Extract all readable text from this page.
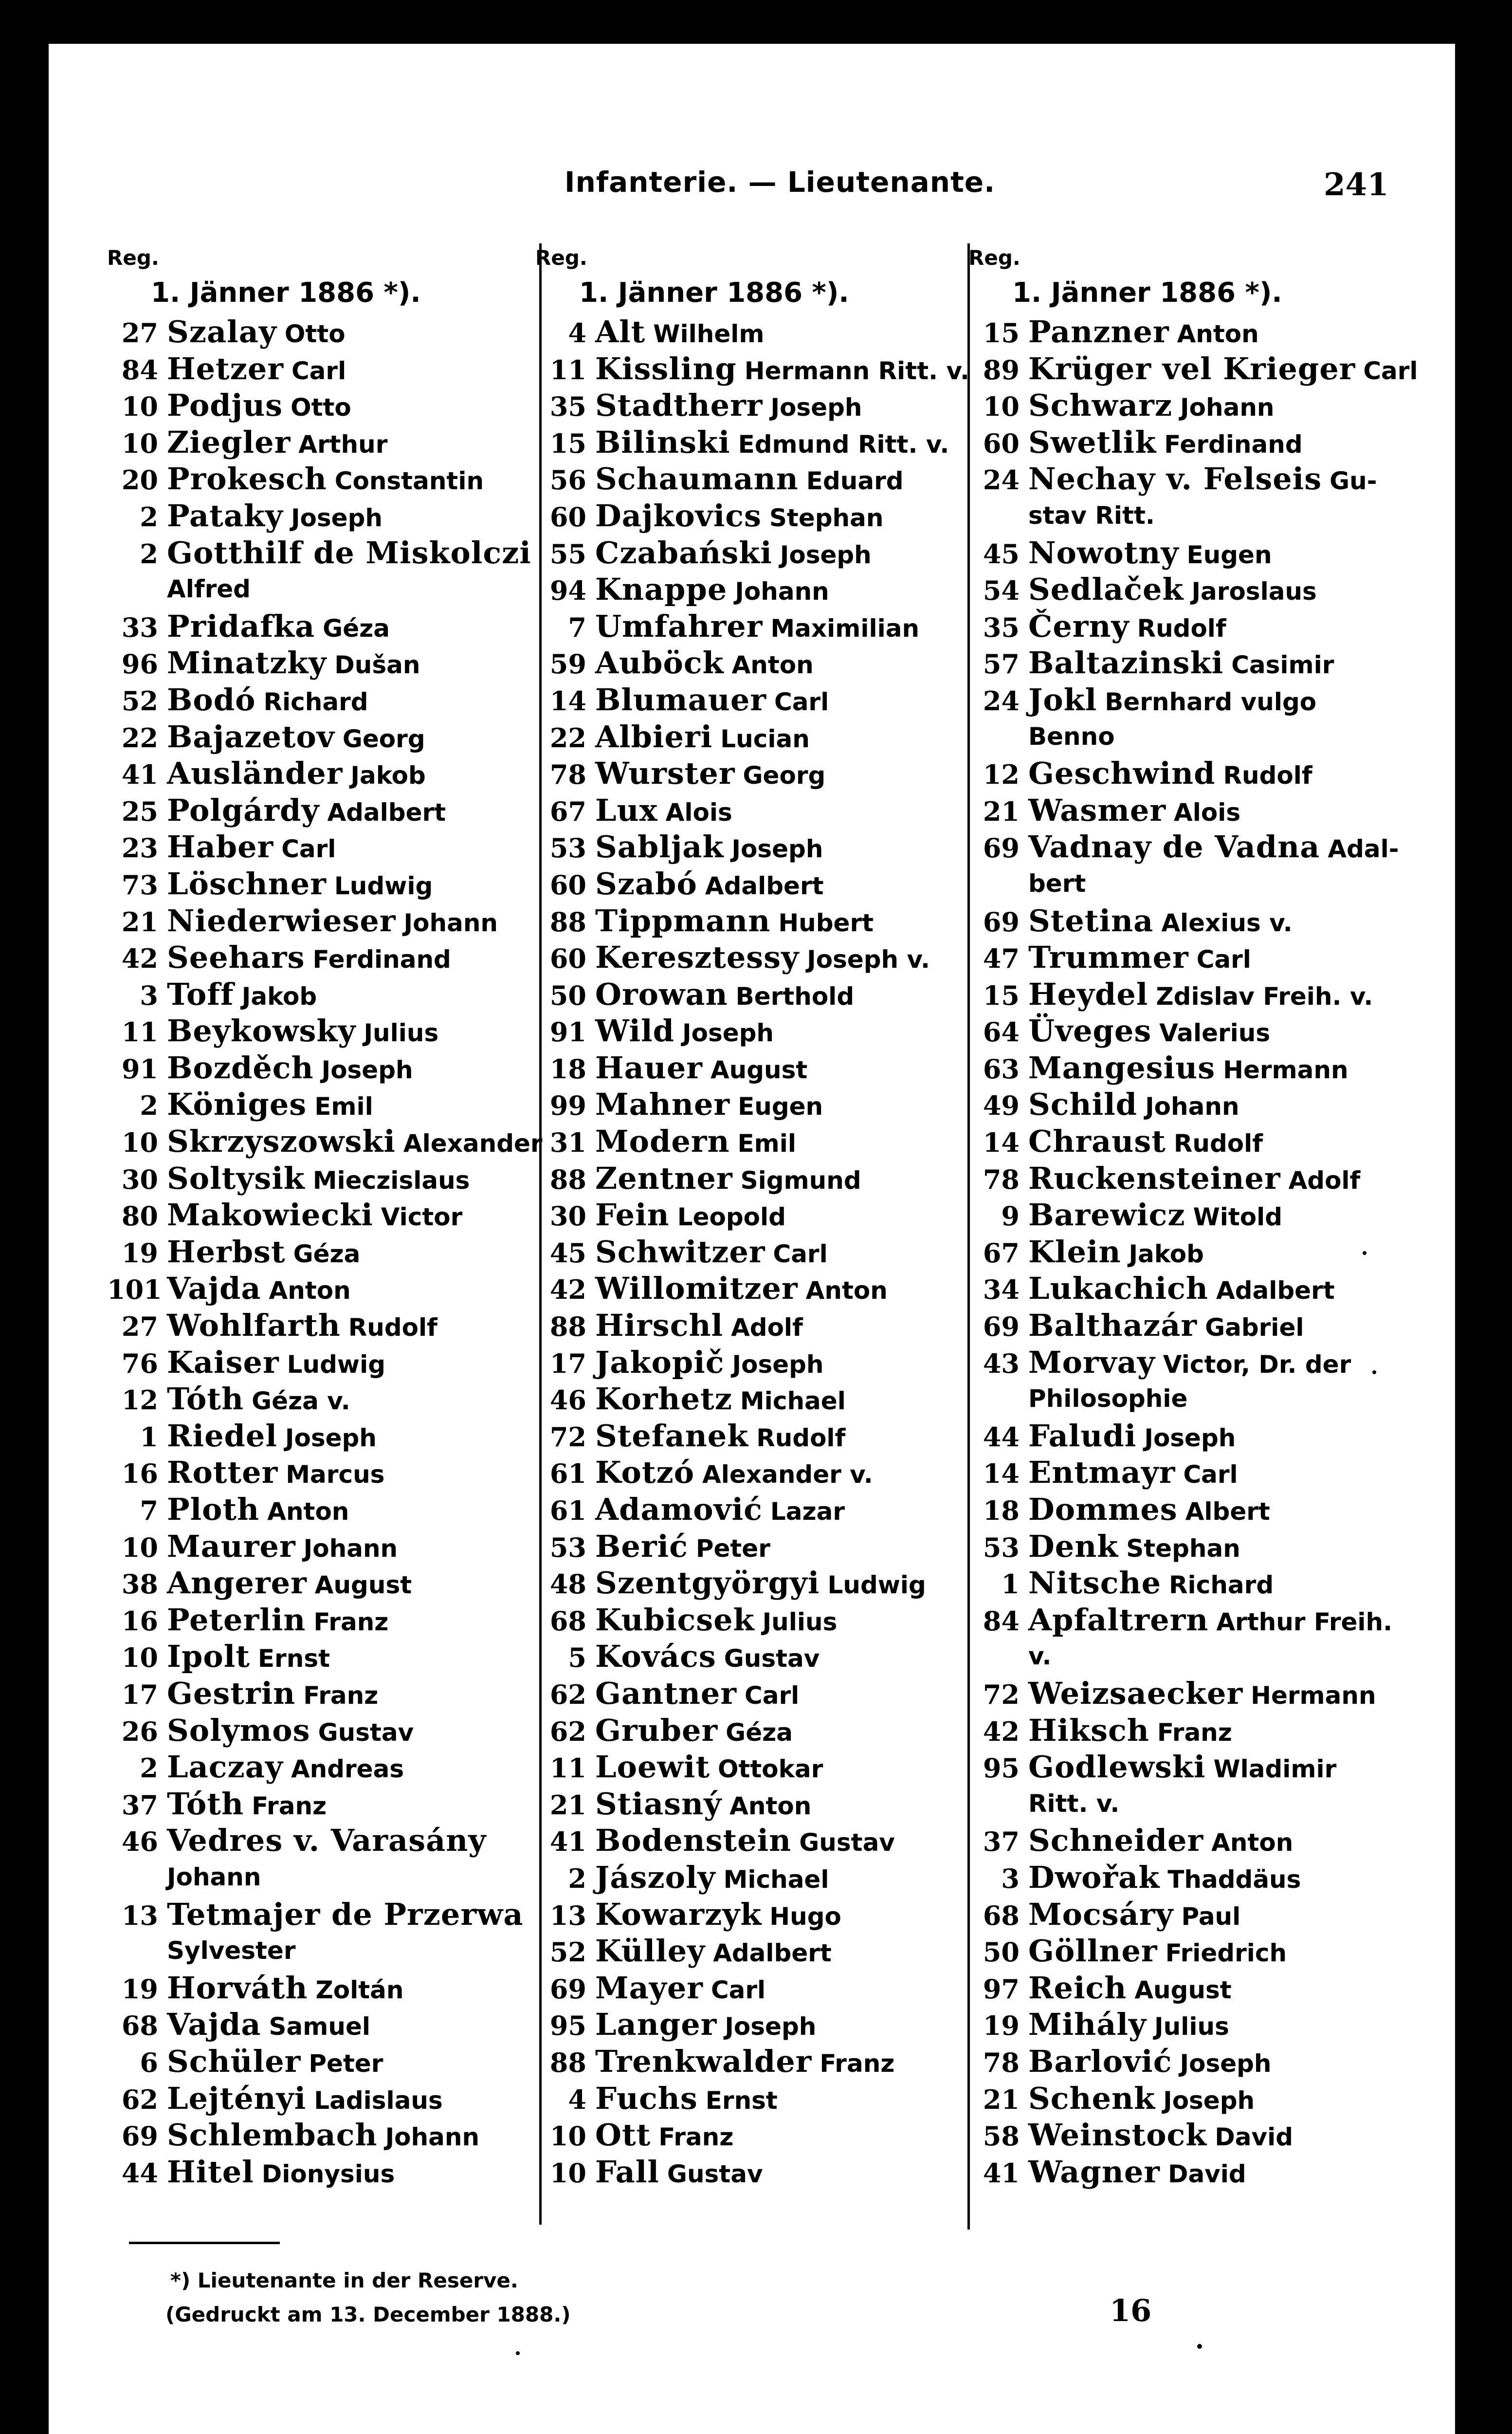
Infanterie. — Lieutenante.	241
Reg.
1. Jänner 1886 *).
27 Szalay Otto
84 Hetzer Carl
10 Podjus Otto
10 Ziegler Arthur
20 Prokesch Constantin
2 Pataky Joseph
2 Gotthilf de Miskolczi
Alfred
33 Pridafka Géza
96 Minatzky Dušan
52 Bodó Richard
22 Bajazetov Georg
41 Ausländer Jakob
25 Polgárdy Adalbert
23 Haber Carl
73 Löschner Ludwig
21 Niederwieser Johann
42 Seehars Ferdinand
3 Toff Jakob
11 Beykowsky Julius
91 Bozděch Joseph
2 Königes Emil
10 Skrzyszowski Alexander
30 Soltysik Mieczislaus
80 Makowiecki Victor
19 Herbst Géza
101 Vajda Anton
27 Wohlfarth Rudolf
76 Kaiser Ludwig
12 Tóth Géza v.
1 Riedel Joseph
16 Rotter Marcus
7 Ploth Anton
10 Maurer Johann
38 Angerer August
16 Peterlin Franz
10 Ipolt Ernst
17 Gestrin Franz
26 Solymos Gustav
2 Laczay Andreas
37 Tóth Franz
46 Vedres v. Varasány
Johann
13 Tetmajer de Przerwa
Sylvester
19 Horváth Zoltán
68 Vajda Samuel
6 Schüler Peter
62 Lejtényi Ladislaus
69 Schlembach Johann
44 Hitel Dionysius
Reg.
1. Jänner 1886 *).
4 Alt Wilhelm
11 Kissling Hermann Ritt. v.
35 Stadtherr Joseph
15 Bilinski Edmund Ritt. v.
56 Schaumann Eduard
60 Dajkovics Stephan
55 Czabański Joseph
94 Knappe Johann
7 Umfahrer Maximilian
59 Auböck Anton
14 Blumauer Carl
22 Albieri Lucian
78 Wurster Georg
67 Lux Alois
53 Sabljak Joseph
60 Szabó Adalbert
88 Tippmann Hubert
60 Keresztessy Joseph v.
50 Orowan Berthold
91 Wild Joseph
18 Hauer August
99 Mahner Eugen
31 Modern Emil
88 Zentner Sigmund
30 Fein Leopold
45 Schwitzer Carl
42 Willomitzer Anton
88 Hirschl Adolf
17 Jakopič Joseph
46 Korhetz Michael
72 Stefanek Rudolf
61 Kotzó Alexander v.
61 Adamović Lazar
53 Berić Peter
48 Szentgyörgyi Ludwig
68 Kubicsek Julius
5 Kovács Gustav
62 Gantner Carl
62 Gruber Géza
11 Loewit Ottokar
21 Stiasný Anton
41 Bodenstein Gustav
2 Jászoly Michael
13 Kowarzyk Hugo
52 Külley Adalbert
69 Mayer Carl
95 Langer Joseph
88 Trenkwalder Franz
4 Fuchs Ernst
10 Ott Franz
10 Fall Gustav
Reg.
1. Jänner 1886 *).
15 Panzner Anton
89 Krüger vel Krieger Carl
10 Schwarz Johann
60 Swetlik Ferdinand
24 Nechay v. Felseis Gu-
stav Ritt.
45 Nowotny Eugen
54 Sedlaček Jaroslaus
35 Černy Rudolf
57 Baltazinski Casimir
24 Jokl Bernhard vulgo
Benno
12 Geschwind Rudolf
21 Wasmer Alois
69 Vadnay de Vadna Adal-
bert
69 Stetina Alexius v.
47 Trummer Carl
15 Heydel Zdislav Freih. v.
64 Üveges Valerius
63 Mangesius Hermann
49 Schild Johann
14 Chraust Rudolf
78 Ruckensteiner Adolf
9 Barewicz Witold
67 Klein Jakob
34 Lukachich Adalbert
69 Balthazár Gabriel
43 Morvay Victor, Dr. der
Philosophie
44 Faludi Joseph
14 Entmayr Carl
18 Dommes Albert
53 Denk Stephan
1 Nitsche Richard
84 Apfaltrern Arthur Freih.
v.
72 Weizsaecker Hermann
42 Hiksch Franz
95 Godlewski Wladimir
Ritt. v.
37 Schneider Anton
3 Dwořak Thaddäus
68 Mocsáry Paul
50 Göllner Friedrich
97 Reich August
19 Mihály Julius
78 Barlović Joseph
21 Schenk Joseph
58 Weinstock David
41 Wagner David
*) Lieutenante in der Reserve.
(Gedruckt am 13. December 1888.)	16
